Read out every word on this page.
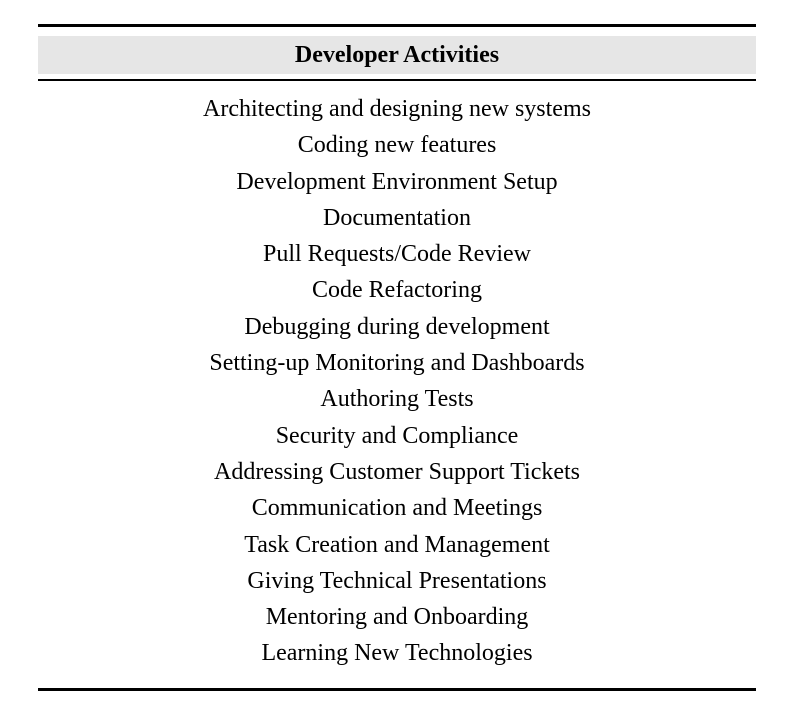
Developer Activities
Architecting and designing new systems
Coding new features
Development Environment Setup
Documentation
Pull Requests/Code Review
Code Refactoring
Debugging during development
Setting-up Monitoring and Dashboards
Authoring Tests
Security and Compliance
Addressing Customer Support Tickets
Communication and Meetings
Task Creation and Management
Giving Technical Presentations
Mentoring and Onboarding
Learning New Technologies
